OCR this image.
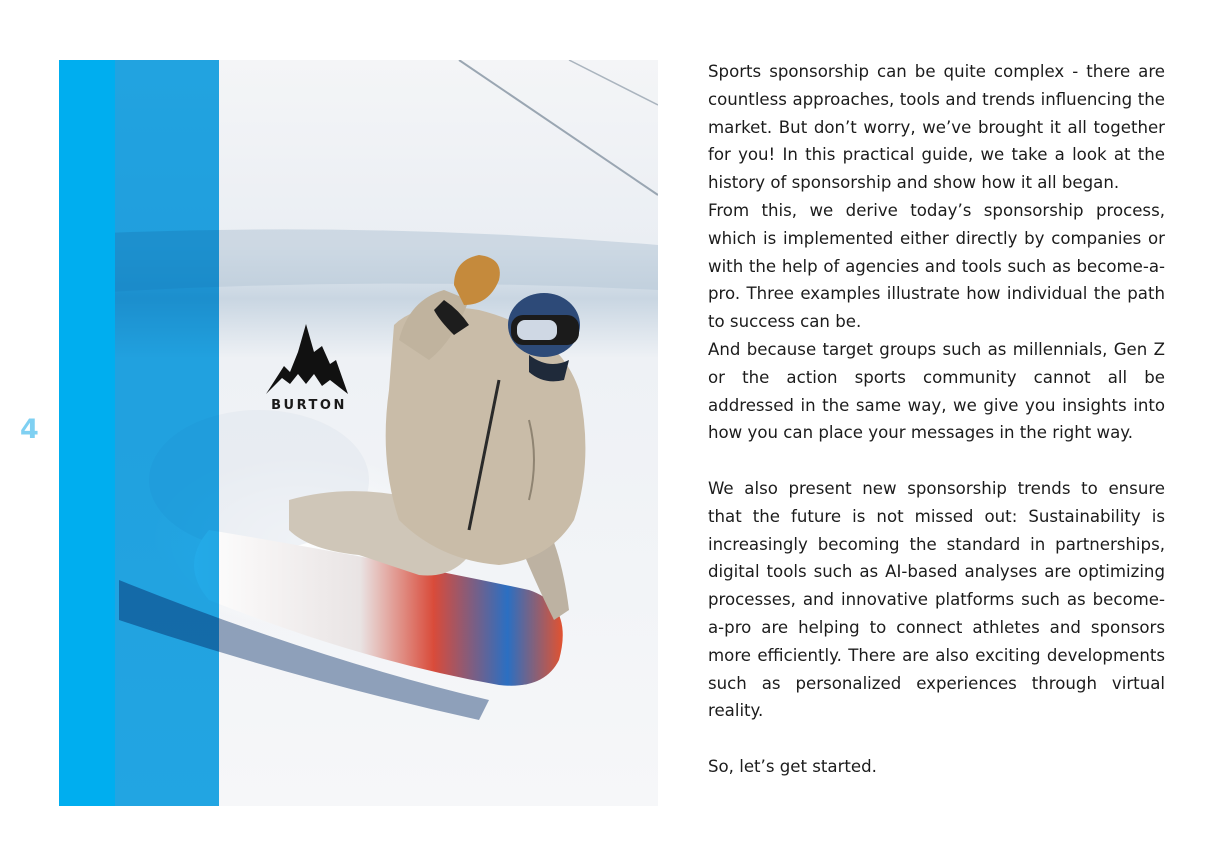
4
BURTON

Sports sponsorship can be quite complex - there are countless approaches, tools and trends influencing the market. But don’t worry, we’ve brought it all together for you! In this practical guide, we take a look at the history of sponsorship and show how it all began.

From this, we derive today’s sponsorship process, which is implemented either directly by companies or with the help of agencies and tools such as become-a-pro. Three examples illustrate how individual the path to success can be.

And because target groups such as millennials, Gen Z or the action sports community cannot all be addressed in the same way, we give you insights into how you can place your messages in the right way.

We also present new sponsorship trends to ensure that the future is not missed out: Sustainability is increasingly becoming the standard in partnerships, digital tools such as AI-based analyses are optimizing processes, and innovative platforms such as become-a-pro are helping to connect athletes and sponsors more efficiently. There are also exciting developments such as personalized experiences through virtual reality.

So, let’s get started.
